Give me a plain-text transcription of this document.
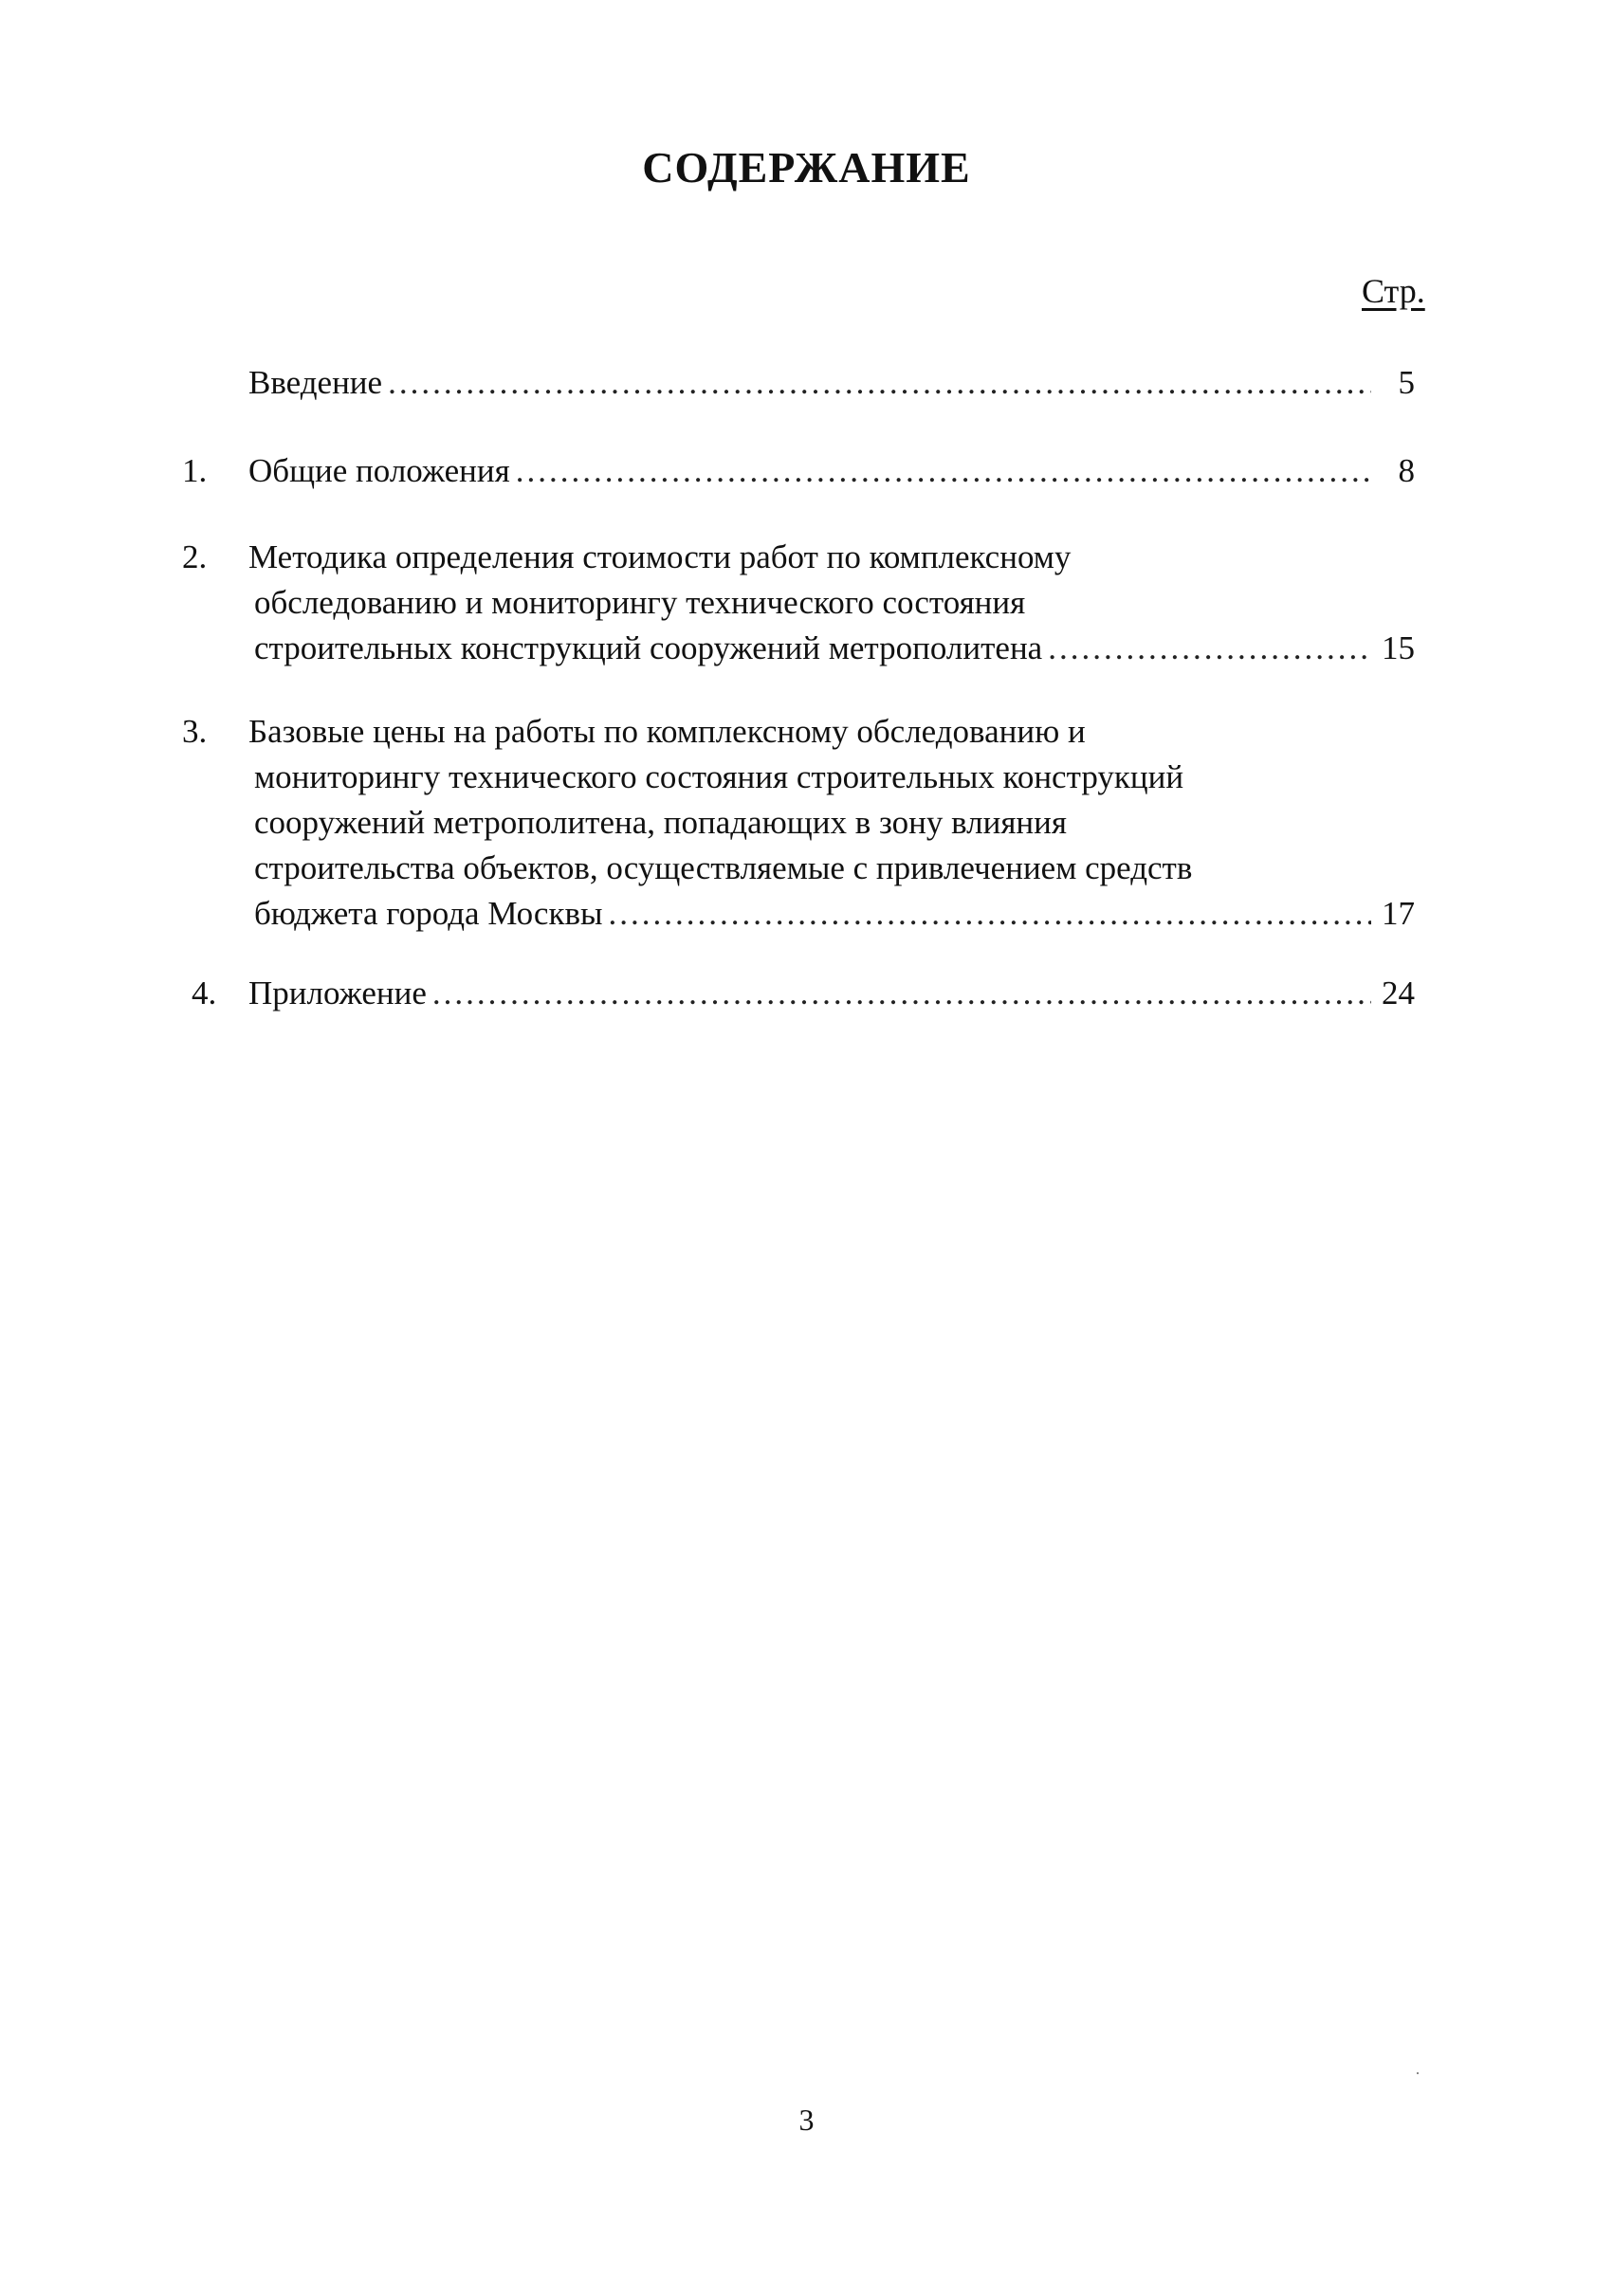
СОДЕРЖАНИЕ
Стр.
Введение .....	5
1.	Общие положения .....	8
2.	Методика определения стоимости работ по комплексному
обследованию и мониторингу технического состояния
строительных конструкций сооружений метрополитена .....	15
3.	Базовые цены на работы по комплексному обследованию и
мониторингу технического состояния строительных конструкций
сооружений метрополитена, попадающих в зону влияния
строительства объектов, осуществляемые с привлечением средств
бюджета города Москвы .....	17
4. Приложение .....	24
3
